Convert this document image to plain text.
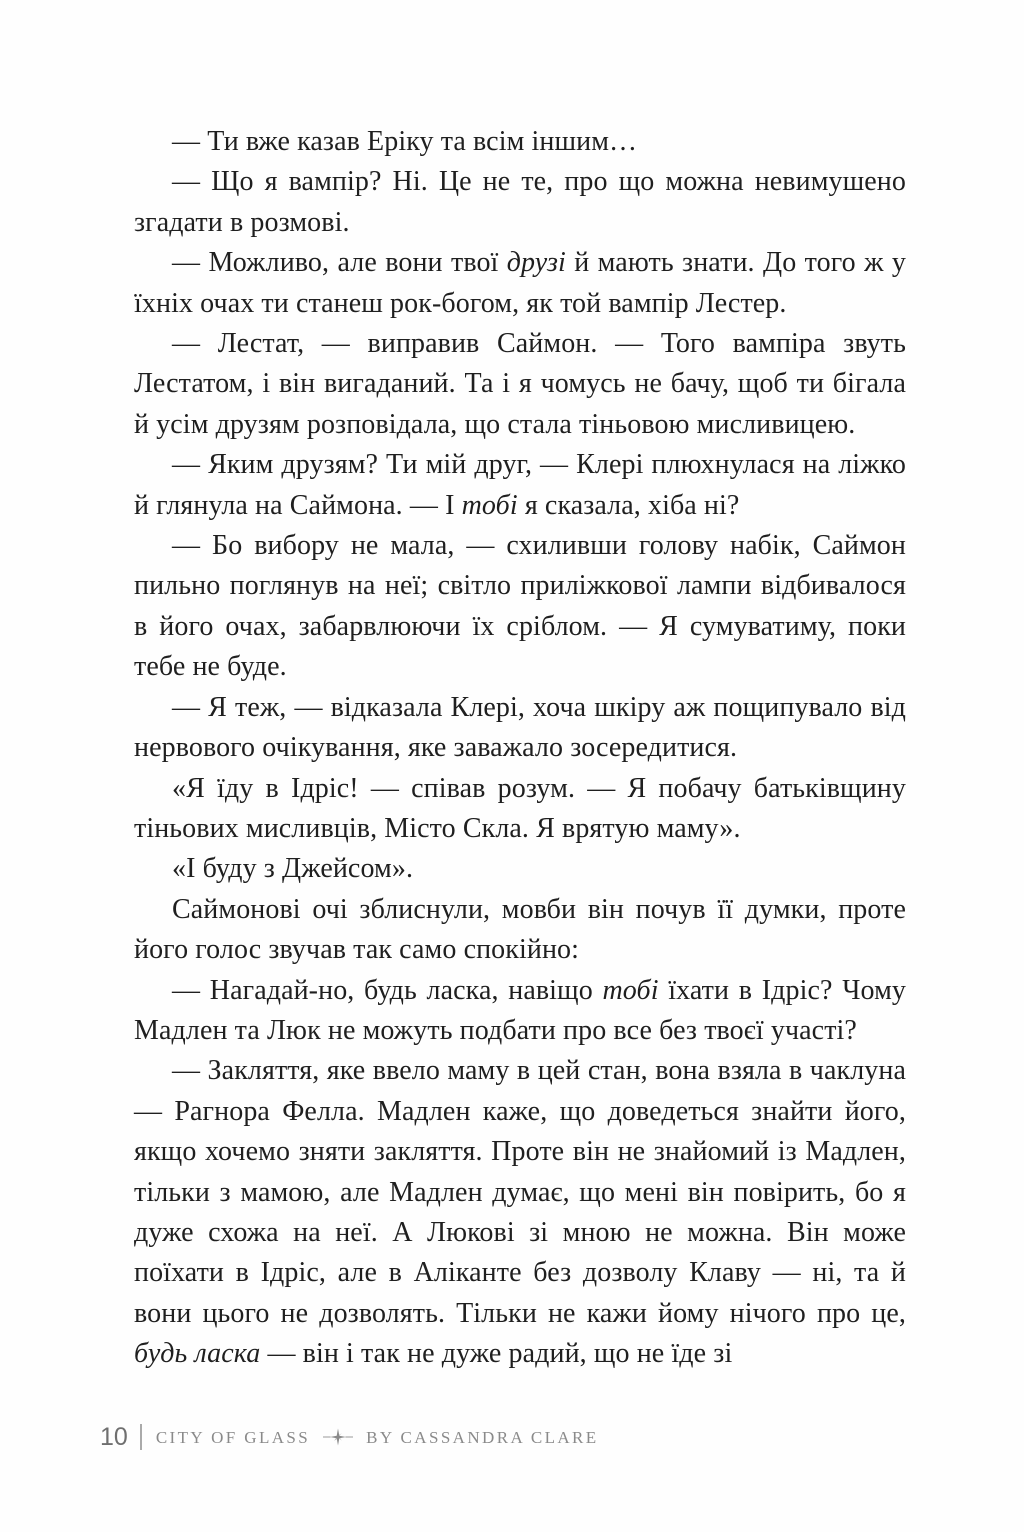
— Ти вже казав Еріку та всім іншим…

— Що я вампір? Ні. Це не те, про що можна невимушено згадати в розмові.

— Можливо, але вони твої друзі й мають знати. До того ж у їхніх очах ти станеш рок-богом, як той вампір Лестер.

— Лестат, — виправив Саймон. — Того вампіра звуть Лестатом, і він вигаданий. Та і я чомусь не бачу, щоб ти бігала й усім друзям розповідала, що стала тіньовою мисливицею.

— Яким друзям? Ти мій друг, — Клері плюхнулася на ліжко й глянула на Саймона. — І тобі я сказала, хіба ні?

— Бо вибору не мала, — схиливши голову набік, Саймон пильно поглянув на неї; світло приліжкової лампи відбивалося в його очах, забарвлюючи їх сріблом. — Я сумуватиму, поки тебе не буде.

— Я теж, — відказала Клері, хоча шкіру аж пощипувало від нервового очікування, яке заважало зосередитися.

«Я їду в Ідріс! — співав розум. — Я побачу батьківщину тіньових мисливців, Місто Скла. Я врятую маму».

«І буду з Джейсом».

Саймонові очі зблиснули, мовби він почув її думки, проте його голос звучав так само спокійно:

— Нагадай-но, будь ласка, навіщо тобі їхати в Ідріс? Чому Мадлен та Люк не можуть подбати про все без твоєї участі?

— Закляття, яке ввело маму в цей стан, вона взяла в чаклуна — Рагнора Фелла. Мадлен каже, що доведеться знайти його, якщо хочемо зняти закляття. Проте він не знайомий із Мадлен, тільки з мамою, але Мадлен думає, що мені він повірить, бо я дуже схожа на неї. А Люкові зі мною не можна. Він може поїхати в Ідріс, але в Аліканте без дозволу Клаву — ні, та й вони цього не дозволять. Тільки не кажи йому нічого про це, будь ласка — він і так не дуже радий, що не їде зі

10 CITY OF GLASS	BY CASSANDRA CLARE
